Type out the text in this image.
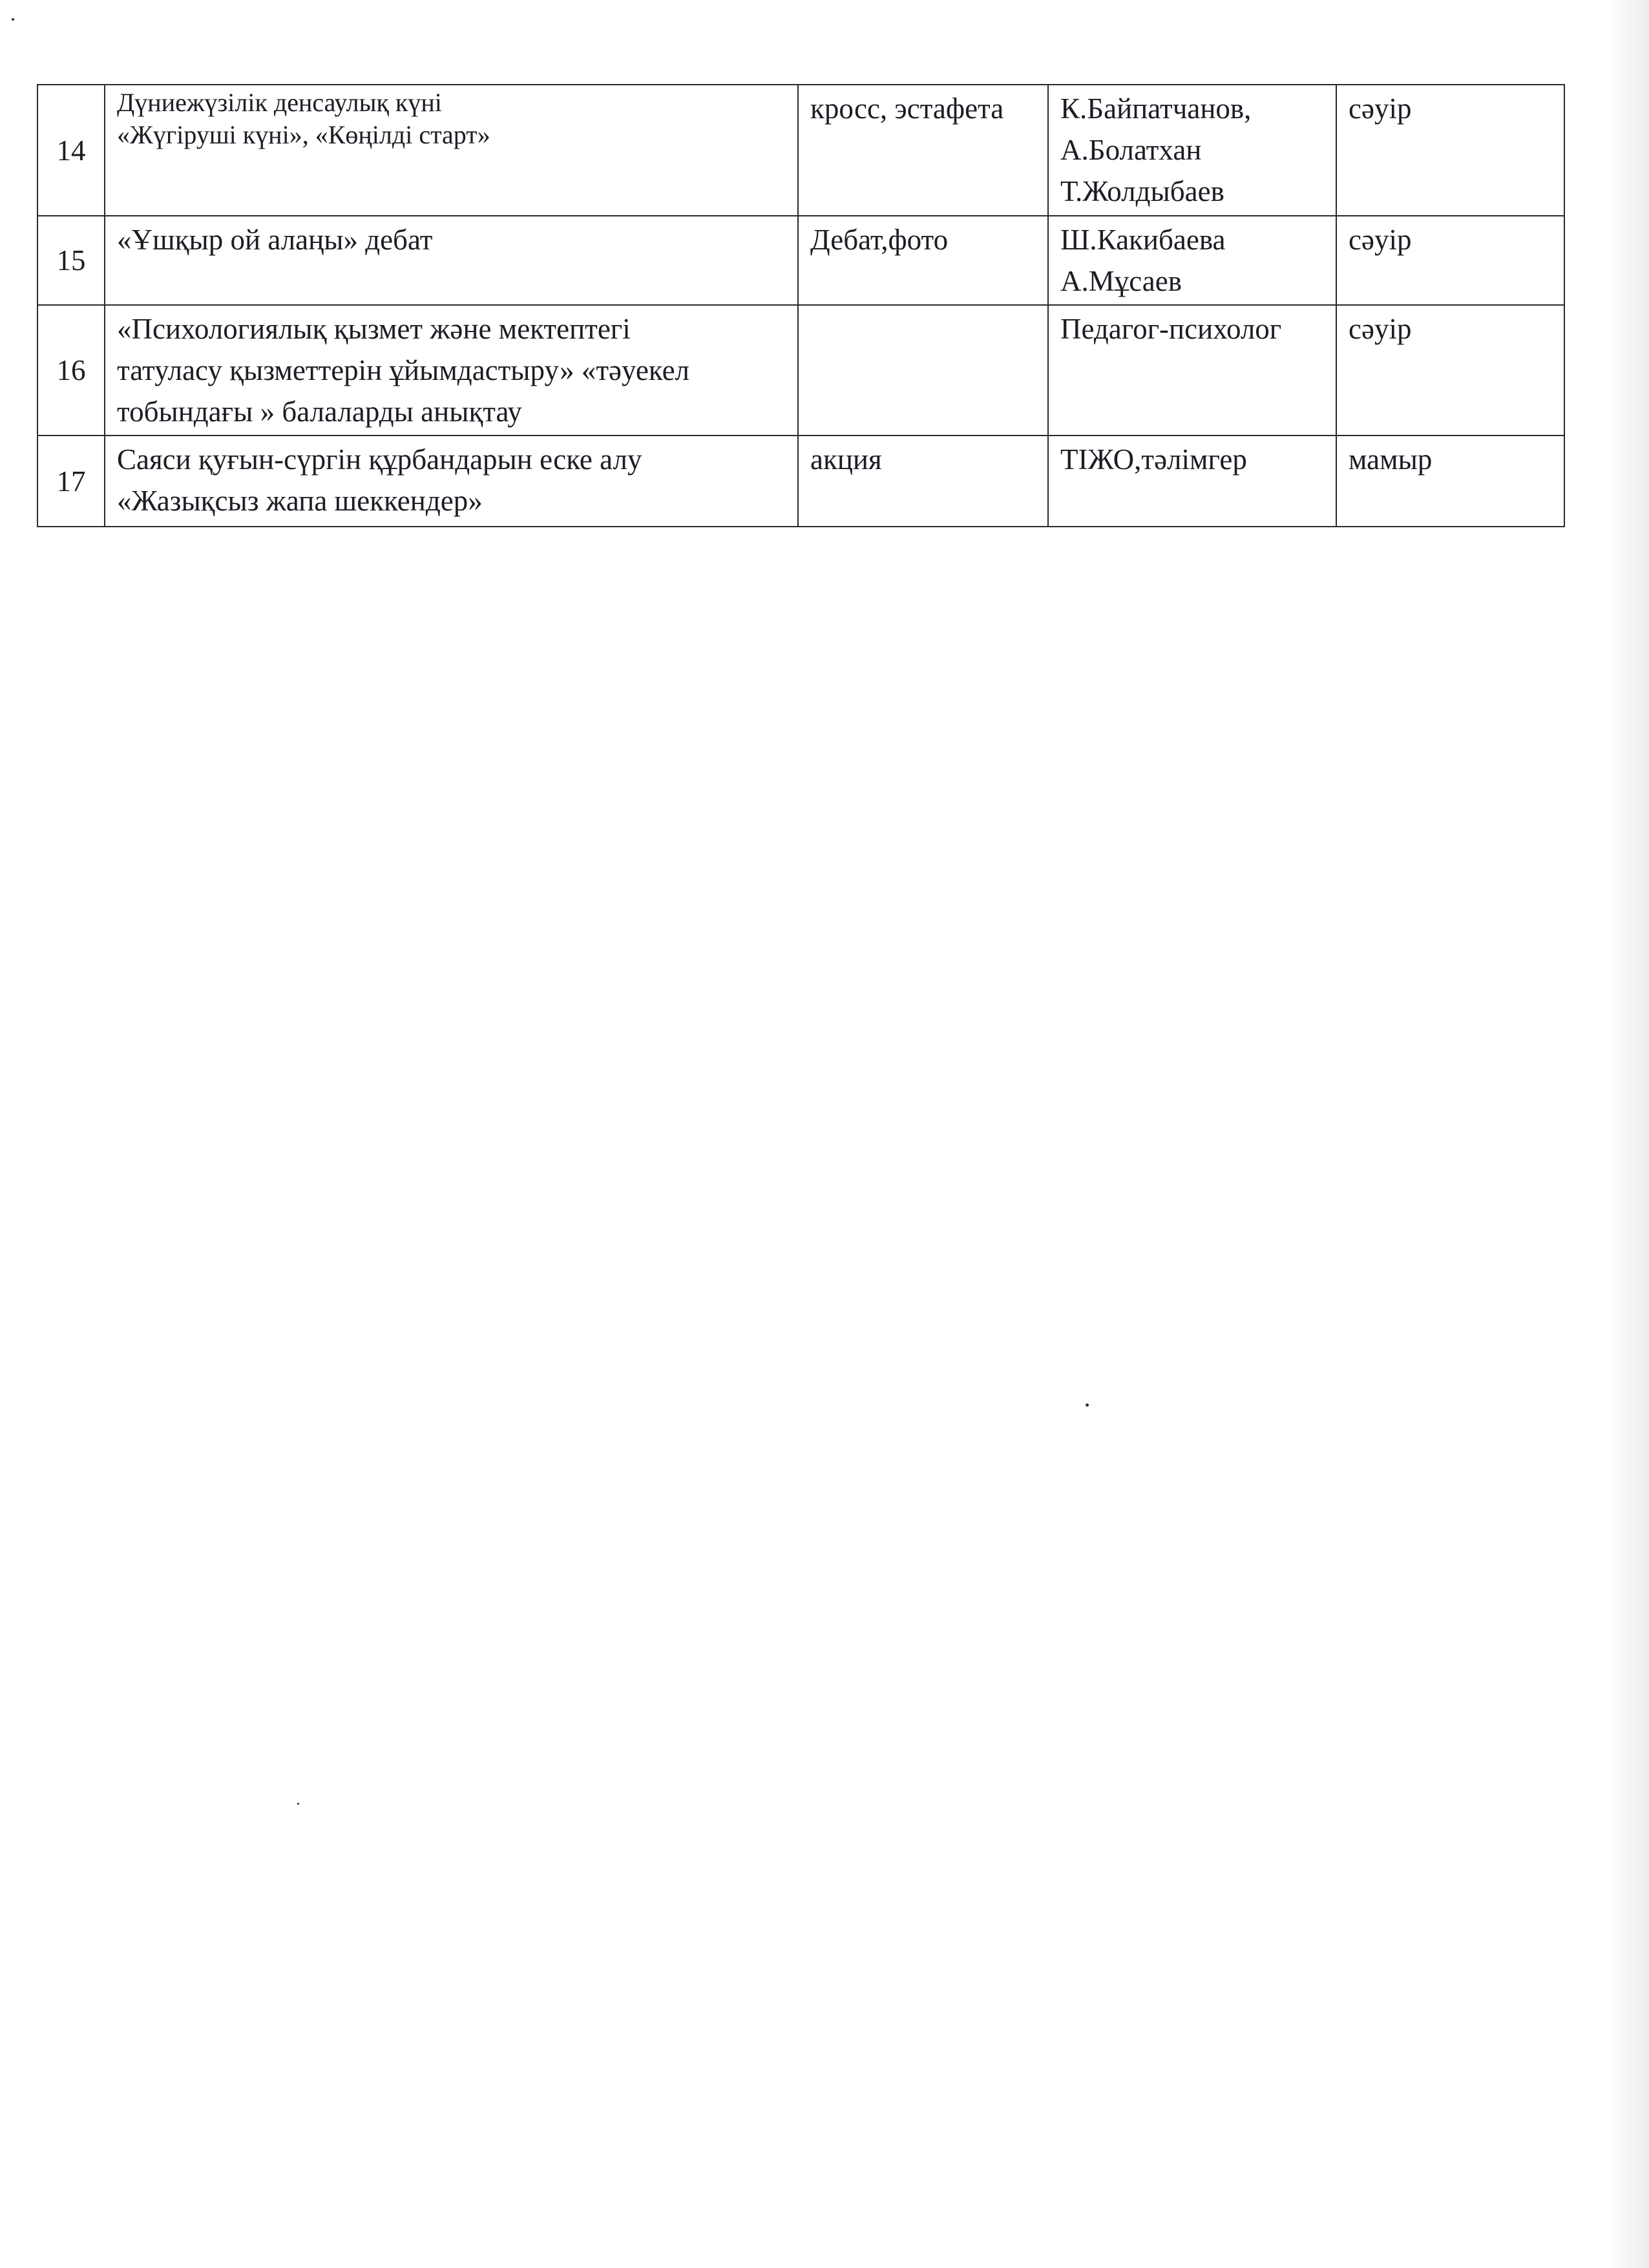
14	Дүниежүзілік денсаулық күні
«Жүгіруші күні», «Көңілді старт»	кросс, эстафета	К.Байпатчанов,
А.Болатхан
Т.Жолдыбаев	сәуір
15	«Ұшқыр ой алаңы» дебат	Дебат,фото	Ш.Какибаева
А.Мұсаев	сәуір
16	«Психологиялық қызмет және мектептегі
татуласу қызметтерін ұйымдастыру» «тәуекел
тобындағы » балаларды анықтау		Педагог-психолог	сәуір
17	Саяси қуғын-сүргін құрбандарын еске алу
«Жазықсыз жапа шеккендер»	акция	ТІЖО,тәлімгер	мамыр
